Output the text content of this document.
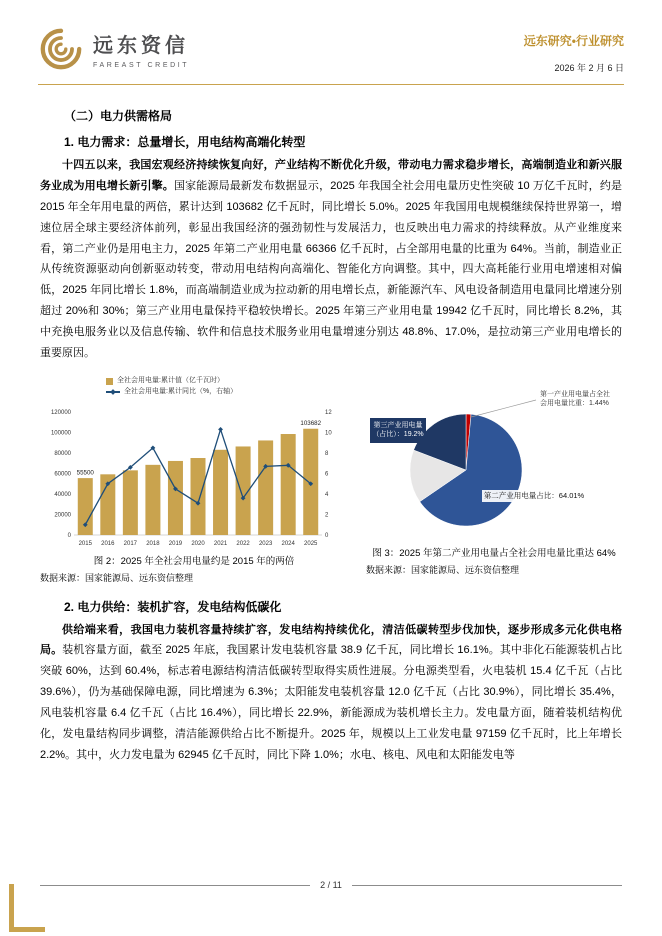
远东资信
FAREAST CREDIT
远东研究•行业研究
2026 年 2 月 6 日
（二）电力供需格局
1. 电力需求：总量增长，用电结构高端化转型

十四五以来，我国宏观经济持续恢复向好，产业结构不断优化升级，带动电力需求稳步增长，高端制造业和新兴服务业成为用电增长新引擎。国家能源局最新发布数据显示，2025 年我国全社会用电量历史性突破 10 万亿千瓦时，约是 2015 年全年用电量的两倍，累计达到 103682 亿千瓦时，同比增长 5.0%。2025 年我国用电规模继续保持世界第一，增速位居全球主要经济体前列，彰显出我国经济的强劲韧性与发展活力，也反映出电力需求的持续释放。从产业维度来看，第二产业仍是用电主力，2025 年第二产业用电量 66366 亿千瓦时，占全部用电量的比重为 64%。当前，制造业正从传统资源驱动向创新驱动转变，带动用电结构向高端化、智能化方向调整。其中，四大高耗能行业用电增速相对偏低，2025 年同比增长 1.8%，而高端制造业成为拉动新的用电增长点，新能源汽车、风电设备制造用电量同比增速分别超过 20%和 30%；第三产业用电量保持平稳较快增长。2025 年第三产业用电量 19942 亿千瓦时，同比增长 8.2%，其中充换电服务业以及信息传输、软件和信息技术服务业用电量增速分别达 48.8%、17.0%，是拉动第三产业用电增长的重要原因。

全社会用电量:累计值（亿千瓦时）
全社会用电量:累计同比（%，右轴）
0
20000
40000
60000
80000
100000
120000
0
2
4
6
8
10
12
2015 2016 2017 2018 2019 2020 2021 2022 2023 2024 2025
55500
103682
图 2：2025 年全社会用电量约是 2015 年的两倍
数据来源：国家能源局、远东资信整理
第一产业用电量占全社会用电量比重：1.44%
第三产业用电量（占比）：19.2%
第二产业用电量占比：64.01%
图 3：2025 年第二产业用电量占全社会用电量比重达 64%
数据来源：国家能源局、远东资信整理
2. 电力供给：装机扩容，发电结构低碳化

供给端来看，我国电力装机容量持续扩容，发电结构持续优化，清洁低碳转型步伐加快，逐步形成多元化供电格局。装机容量方面，截至 2025 年底，我国累计发电装机容量 38.9 亿千瓦，同比增长 16.1%。其中非化石能源装机占比突破 60%，达到 60.4%，标志着电源结构清洁低碳转型取得实质性进展。分电源类型看，火电装机 15.4 亿千瓦（占比 39.6%），仍为基础保障电源，同比增速为 6.3%；太阳能发电装机容量 12.0 亿千瓦（占比 30.9%），同比增长 35.4%，风电装机容量 6.4 亿千瓦（占比 16.4%），同比增长 22.9%，新能源成为装机增长主力。发电量方面，随着装机结构优化，发电量结构同步调整，清洁能源供给占比不断提升。2025 年，规模以上工业发电量 97159 亿千瓦时，比上年增长 2.2%。其中，火力发电量为 62945 亿千瓦时，同比下降 1.0%；水电、核电、风电和太阳能发电等

2 / 11
